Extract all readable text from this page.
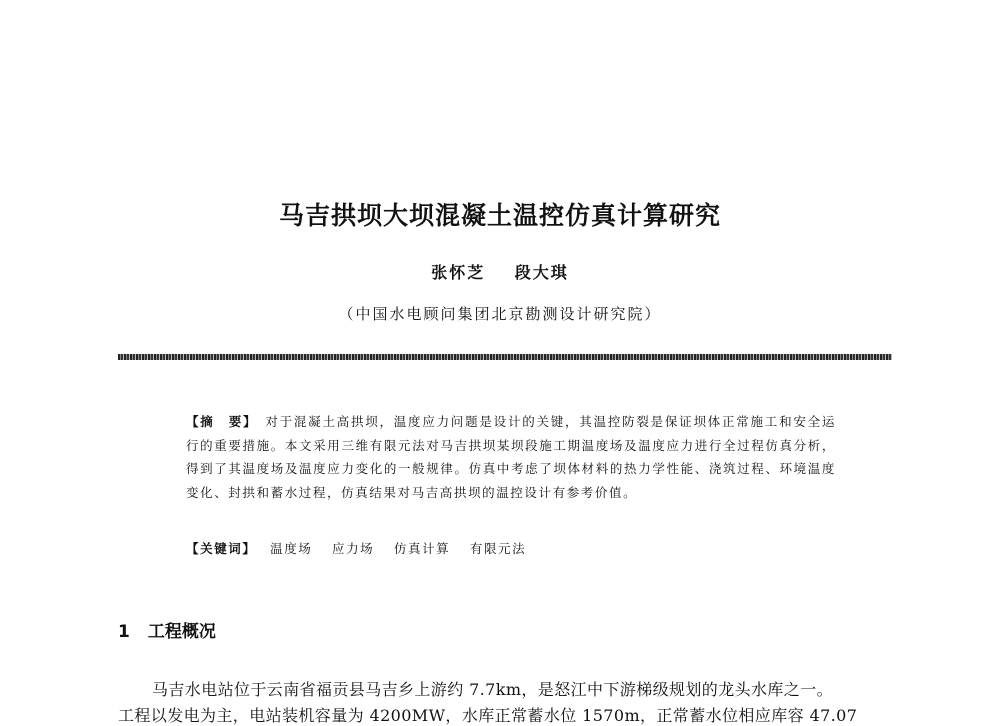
马吉拱坝大坝混凝土温控仿真计算研究
张怀芝 段大琪
（中国水电顾问集团北京勘测设计研究院）
【摘　要】 对于混凝土高拱坝，温度应力问题是设计的关键，其温控防裂是保证坝体正常施工和安全运行的重要措施。本文采用三维有限元法对马吉拱坝某坝段施工期温度场及温度应力进行全过程仿真分析，得到了其温度场及温度应力变化的一般规律。仿真中考虑了坝体材料的热力学性能、浇筑过程、环境温度变化、封拱和蓄水过程，仿真结果对马吉高拱坝的温控设计有参考价值。
【关键词】 温度场 应力场 仿真计算 有限元法
1 工程概况
马吉水电站位于云南省福贡县马吉乡上游约 7.7km，是怒江中下游梯级规划的龙头水库之一。
工程以发电为主，电站装机容量为 4200MW，水库正常蓄水位 1570m，正常蓄水位相应库容 47.07
